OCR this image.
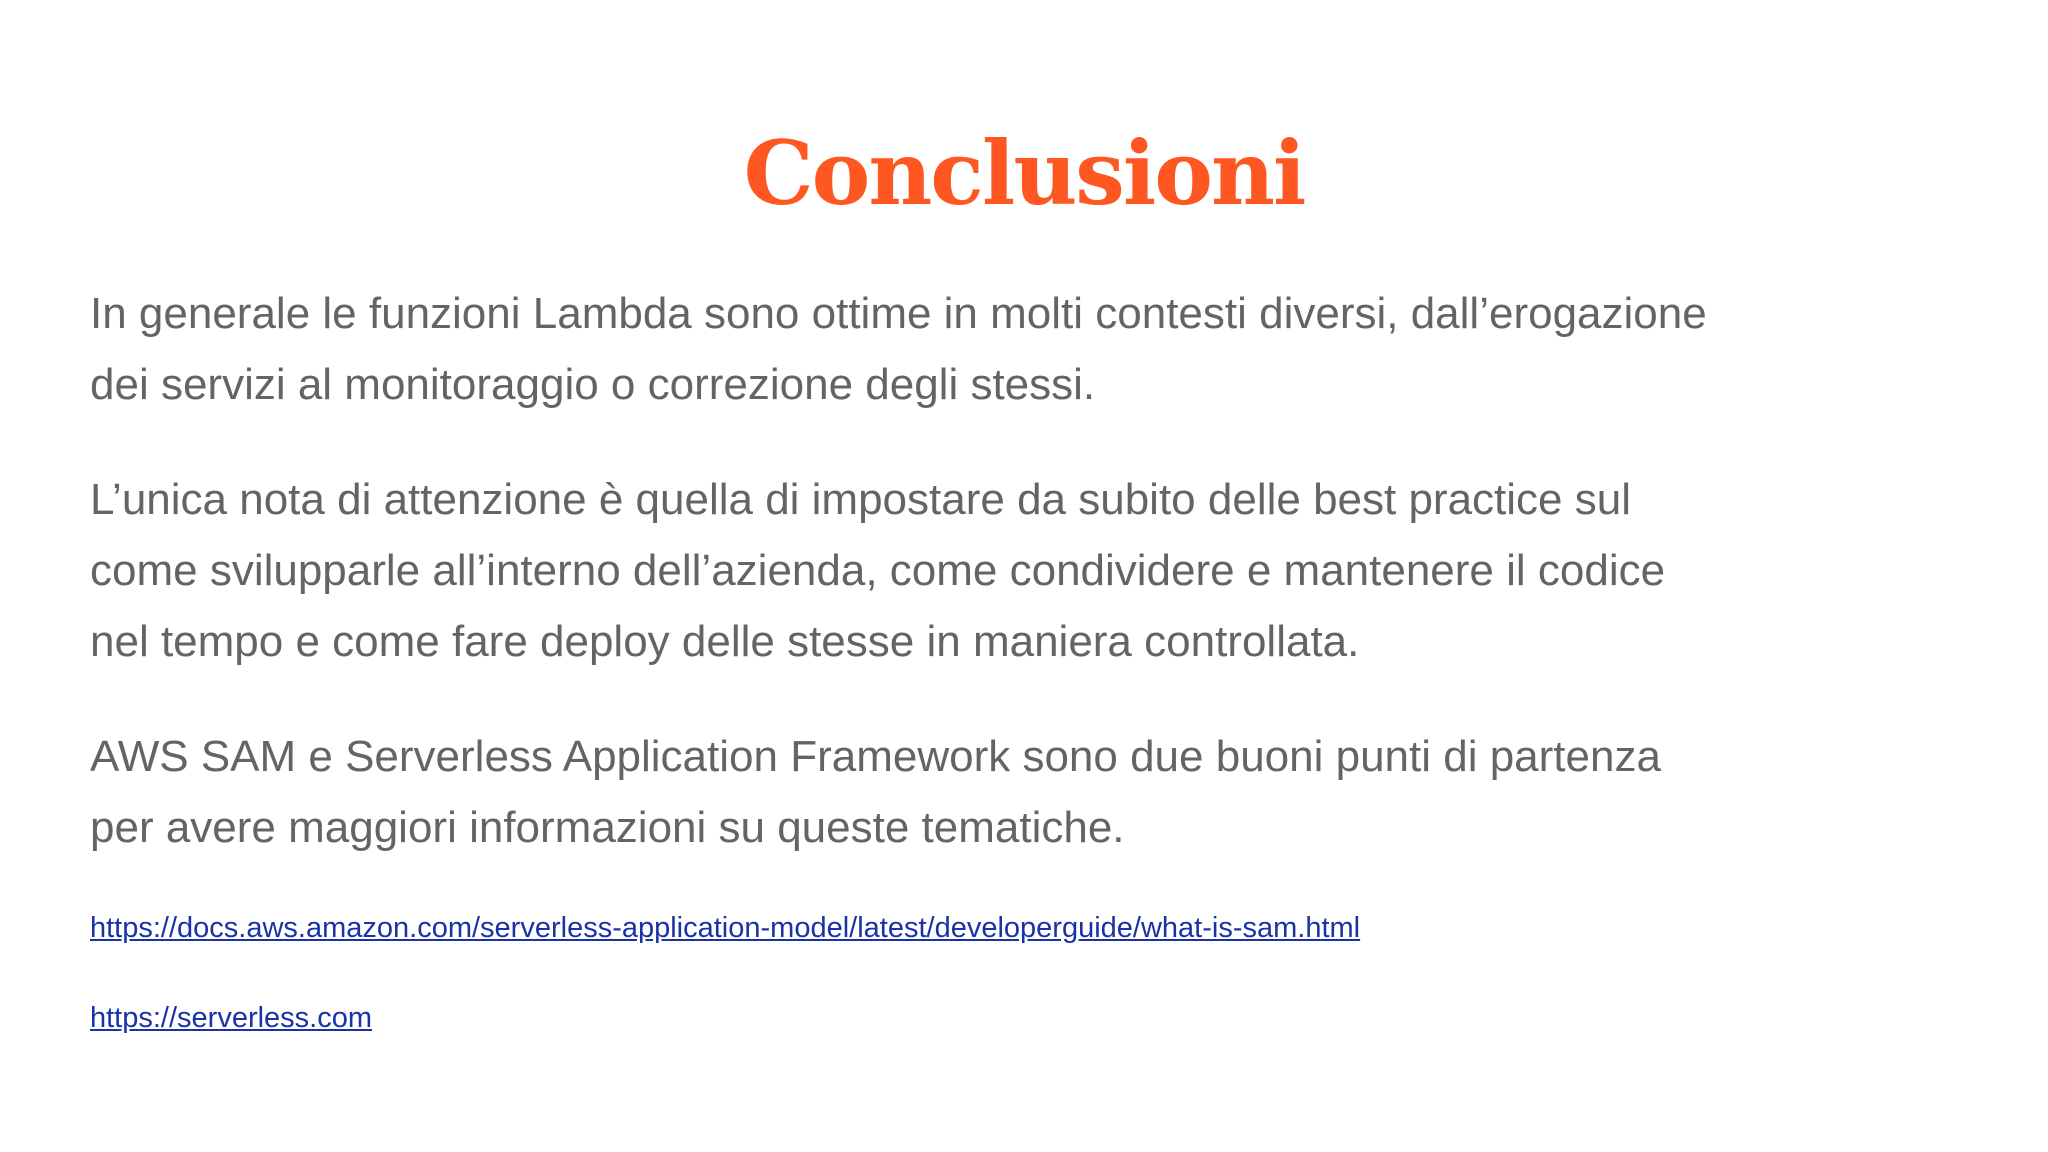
Conclusioni

In generale le funzioni Lambda sono ottime in molti contesti diversi, dall’erogazione
dei servizi al monitoraggio o correzione degli stessi.

L’unica nota di attenzione è quella di impostare da subito delle best practice sul
come svilupparle all’interno dell’azienda, come condividere e mantenere il codice
nel tempo e come fare deploy delle stesse in maniera controllata.

AWS SAM e Serverless Application Framework sono due buoni punti di partenza
per avere maggiori informazioni su queste tematiche.

https://docs.aws.amazon.com/serverless-application-model/latest/developerguide/what-is-sam.html

https://serverless.com
